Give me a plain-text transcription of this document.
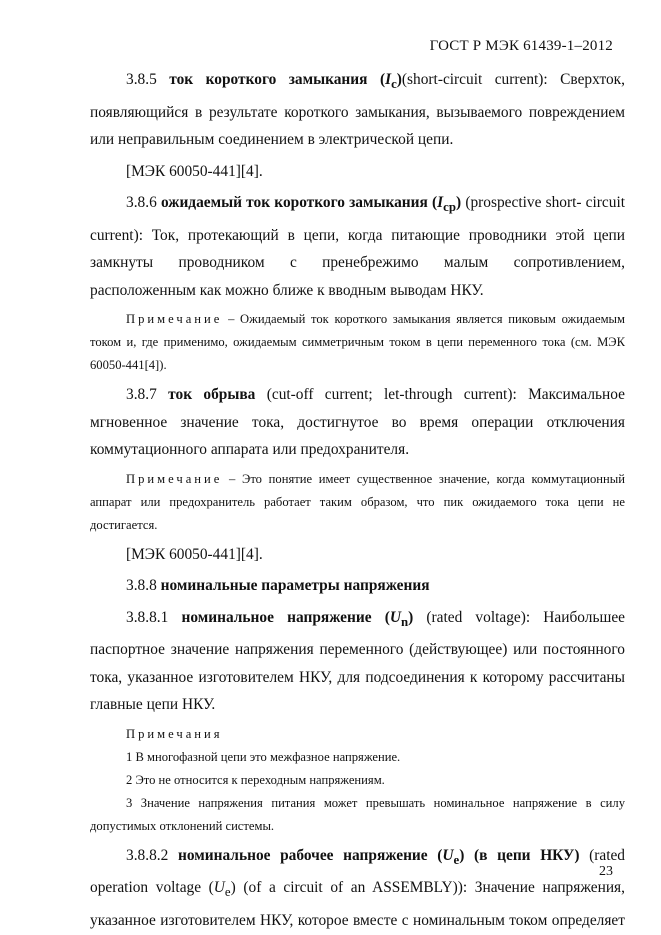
ГОСТ Р МЭК 61439-1–2012

3.8.5 ток короткого замыкания $(I_c)(short$-circuit current): Сверхток, появляющийся в результате короткого замыкания, вызываемого повреждением или неправильным соединением в электрической цепи.

[МЭК 60050-441][4].

3.8.6 ожидаемый ток короткого замыкания $(I_{cp})$ (prospective short- circuit current): Ток, протекающий в цепи, когда питающие проводники этой цепи замкнуты проводником с пренебрежимо малым сопротивлением, расположенным как можно ближе к вводным выводам НКУ.

Примечание – Ожидаемый ток короткого замыкания является пиковым ожидаемым током и, где применимо, ожидаемым симметричным током в цепи переменного тока (см. МЭК 60050-441[4]).

3.8.7 ток обрыва (cut-off current; let-through current): Максимальное мгновенное значение тока, достигнутое во время операции отключения коммутационного аппарата или предохранителя.

Примечание – Это понятие имеет существенное значение, когда коммутационный аппарат или предохранитель работает таким образом, что пик ожидаемого тока цепи не достигается.

[МЭК 60050-441][4].

3.8.8 номинальные параметры напряжения

3.8.8.1 номинальное напряжение $(U_n)$ (rated voltage): Наибольшее паспортное значение напряжения переменного (действующее) или постоянного тока, указанное изготовителем НКУ, для подсоединения к которому рассчитаны главные цепи НКУ.

Примечания

1 В многофазной цепи это межфазное напряжение.

2 Это не относится к переходным напряжениям.

3 Значение напряжения питания может превышать номинальное напряжение в силу допустимых отклонений системы.

3.8.8.2 номинальное рабочее напряжение $(U_e)$ (в цепи НКУ) (rated operation voltage $(U_e)$ (of a circuit of an ASSEMBLY)): Значение напряжения, указанное изготовителем НКУ, которое вместе с номинальным током определяет

23
